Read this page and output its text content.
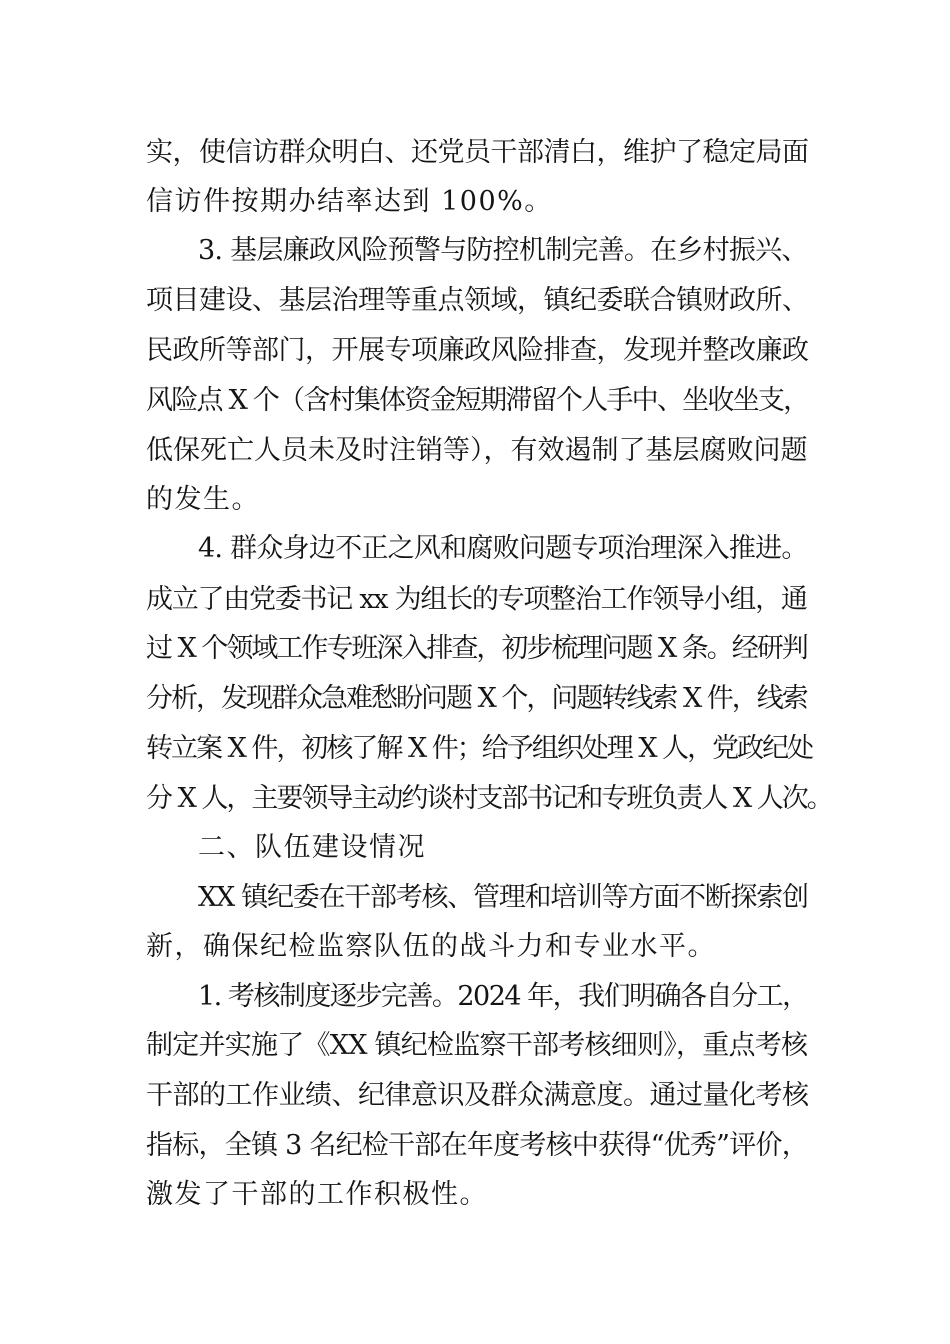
实，使信访群众明白、还党员干部清白，维护了稳定局面
信访件按期办结率达到 100%。
3. 基层廉政风险预警与防控机制完善。在乡村振兴、
项目建设、基层治理等重点领域，镇纪委联合镇财政所、
民政所等部门，开展专项廉政风险排查，发现并整改廉政
风险点 X 个（含村集体资金短期滞留个人手中、坐收坐支，
低保死亡人员未及时注销等），有效遏制了基层腐败问题
的发生。
4. 群众身边不正之风和腐败问题专项治理深入推进。
成立了由党委书记 xx 为组长的专项整治工作领导小组，通
过 X 个领域工作专班深入排查，初步梳理问题 X 条。经研判
分析，发现群众急难愁盼问题 X 个，问题转线索 X 件，线索
转立案 X 件，初核了解 X 件；给予组织处理 X 人，党政纪处
分 X 人，主要领导主动约谈村支部书记和专班负责人 X 人次。
二、队伍建设情况
XX 镇纪委在干部考核、管理和培训等方面不断探索创
新，确保纪检监察队伍的战斗力和专业水平。
1. 考核制度逐步完善。2024 年，我们明确各自分工，
制定并实施了《XX 镇纪检监察干部考核细则》，重点考核
干部的工作业绩、纪律意识及群众满意度。通过量化考核
指标，全镇 3 名纪检干部在年度考核中获得“优秀”评价，
激发了干部的工作积极性。
